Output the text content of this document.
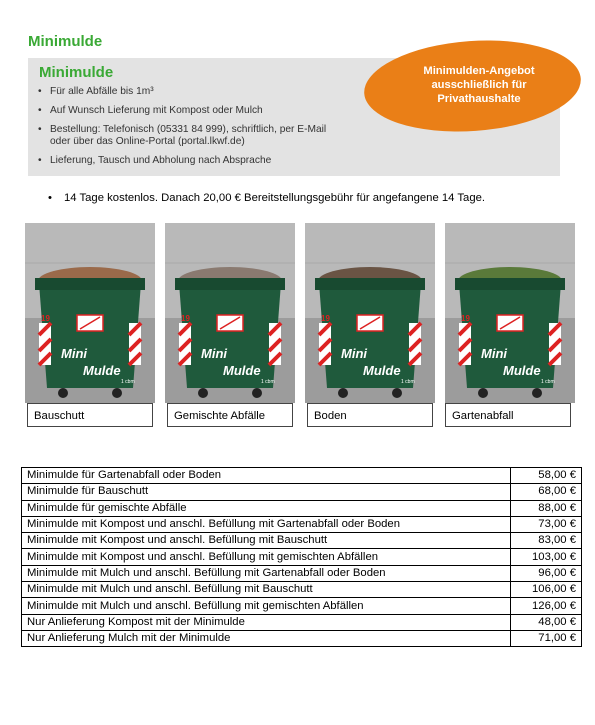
Minimulde
Minimulde
• Für alle Abfälle bis 1m³
• Auf Wunsch Lieferung mit Kompost oder Mulch
• Bestellung: Telefonisch (05331 84 999), schriftlich, per E-Mail
oder über das Online-Portal (portal.lkwf.de)
• Lieferung, Tausch und Abholung nach Absprache
Minimulden-Angebot
ausschließlich für
Privathaushalte
• 14 Tage kostenlos. Danach 20,00 € Bereitstellungsgebühr für angefangene 14 Tage.
19
Mini
Mulde
1 cbm
Bauschutt
19
Mini
Mulde
1 cbm
Gemischte Abfälle
19
Mini
Mulde
1 cbm
Boden
19
Mini
Mulde
1 cbm
Gartenabfall
Minimulde für Gartenabfall oder Boden	58,00 €
Minimulde für Bauschutt	68,00 €
Minimulde für gemischte Abfälle	88,00 €
Minimulde mit Kompost und anschl. Befüllung mit Gartenabfall oder Boden	73,00 €
Minimulde mit Kompost und anschl. Befüllung mit Bauschutt	83,00 €
Minimulde mit Kompost und anschl. Befüllung mit gemischten Abfällen	103,00 €
Minimulde mit Mulch und anschl. Befüllung mit Gartenabfall oder Boden	96,00 €
Minimulde mit Mulch und anschl. Befüllung mit Bauschutt	106,00 €
Minimulde mit Mulch und anschl. Befüllung mit gemischten Abfällen	126,00 €
Nur Anlieferung Kompost mit der Minimulde	48,00 €
Nur Anlieferung Mulch mit der Minimulde	71,00 €
